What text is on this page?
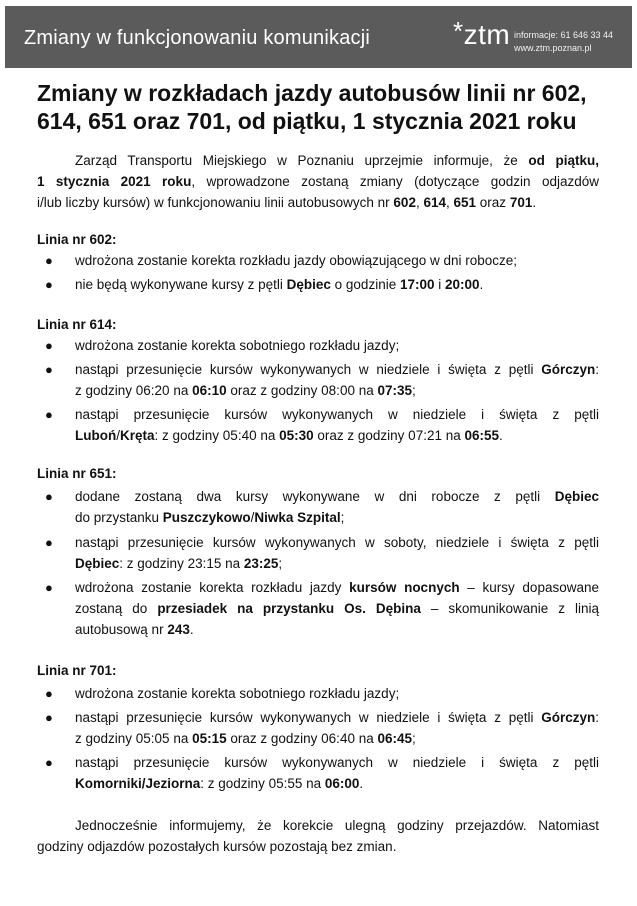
Zmiany w funkcjonowaniu komunikacji	*ztm informacje: 61 646 33 44
www.ztm.poznan.pl
Zmiany w rozkładach jazdy autobusów linii nr 602,
614, 651 oraz 701, od piątku, 1 stycznia 2021 roku
Zarząd Transportu Miejskiego w Poznaniu uprzejmie informuje, że od piątku,
1 stycznia 2021 roku, wprowadzone zostaną zmiany (dotyczące godzin odjazdów
i/lub liczby kursów) w funkcjonowaniu linii autobusowych nr 602, 614, 651 oraz 701.
Linia nr 602:
● wdrożona zostanie korekta rozkładu jazdy obowiązującego w dni robocze;
● nie będą wykonywane kursy z pętli Dębiec o godzinie 17:00 i 20:00.
Linia nr 614:
● wdrożona zostanie korekta sobotniego rozkładu jazdy;
● nastąpi przesunięcie kursów wykonywanych w niedziele i święta z pętli Górczyn:
z godziny 06:20 na 06:10 oraz z godziny 08:00 na 07:35;
● nastąpi przesunięcie kursów wykonywanych w niedziele i święta z pętli
Luboń/Kręta: z godziny 05:40 na 05:30 oraz z godziny 07:21 na 06:55.
Linia nr 651:
● dodane zostaną dwa kursy wykonywane w dni robocze z pętli Dębiec
do przystanku Puszczykowo/Niwka Szpital;
● nastąpi przesunięcie kursów wykonywanych w soboty, niedziele i święta z pętli
Dębiec: z godziny 23:15 na 23:25;
● wdrożona zostanie korekta rozkładu jazdy kursów nocnych – kursy dopasowane
zostaną do przesiadek na przystanku Os. Dębina – skomunikowanie z linią
autobusową nr 243.
Linia nr 701:
● wdrożona zostanie korekta sobotniego rozkładu jazdy;
● nastąpi przesunięcie kursów wykonywanych w niedziele i święta z pętli Górczyn:
z godziny 05:05 na 05:15 oraz z godziny 06:40 na 06:45;
● nastąpi przesunięcie kursów wykonywanych w niedziele i święta z pętli
Komorniki/Jeziorna: z godziny 05:55 na 06:00.
Jednocześnie informujemy, że korekcie ulegną godziny przejazdów. Natomiast
godziny odjazdów pozostałych kursów pozostają bez zmian.
